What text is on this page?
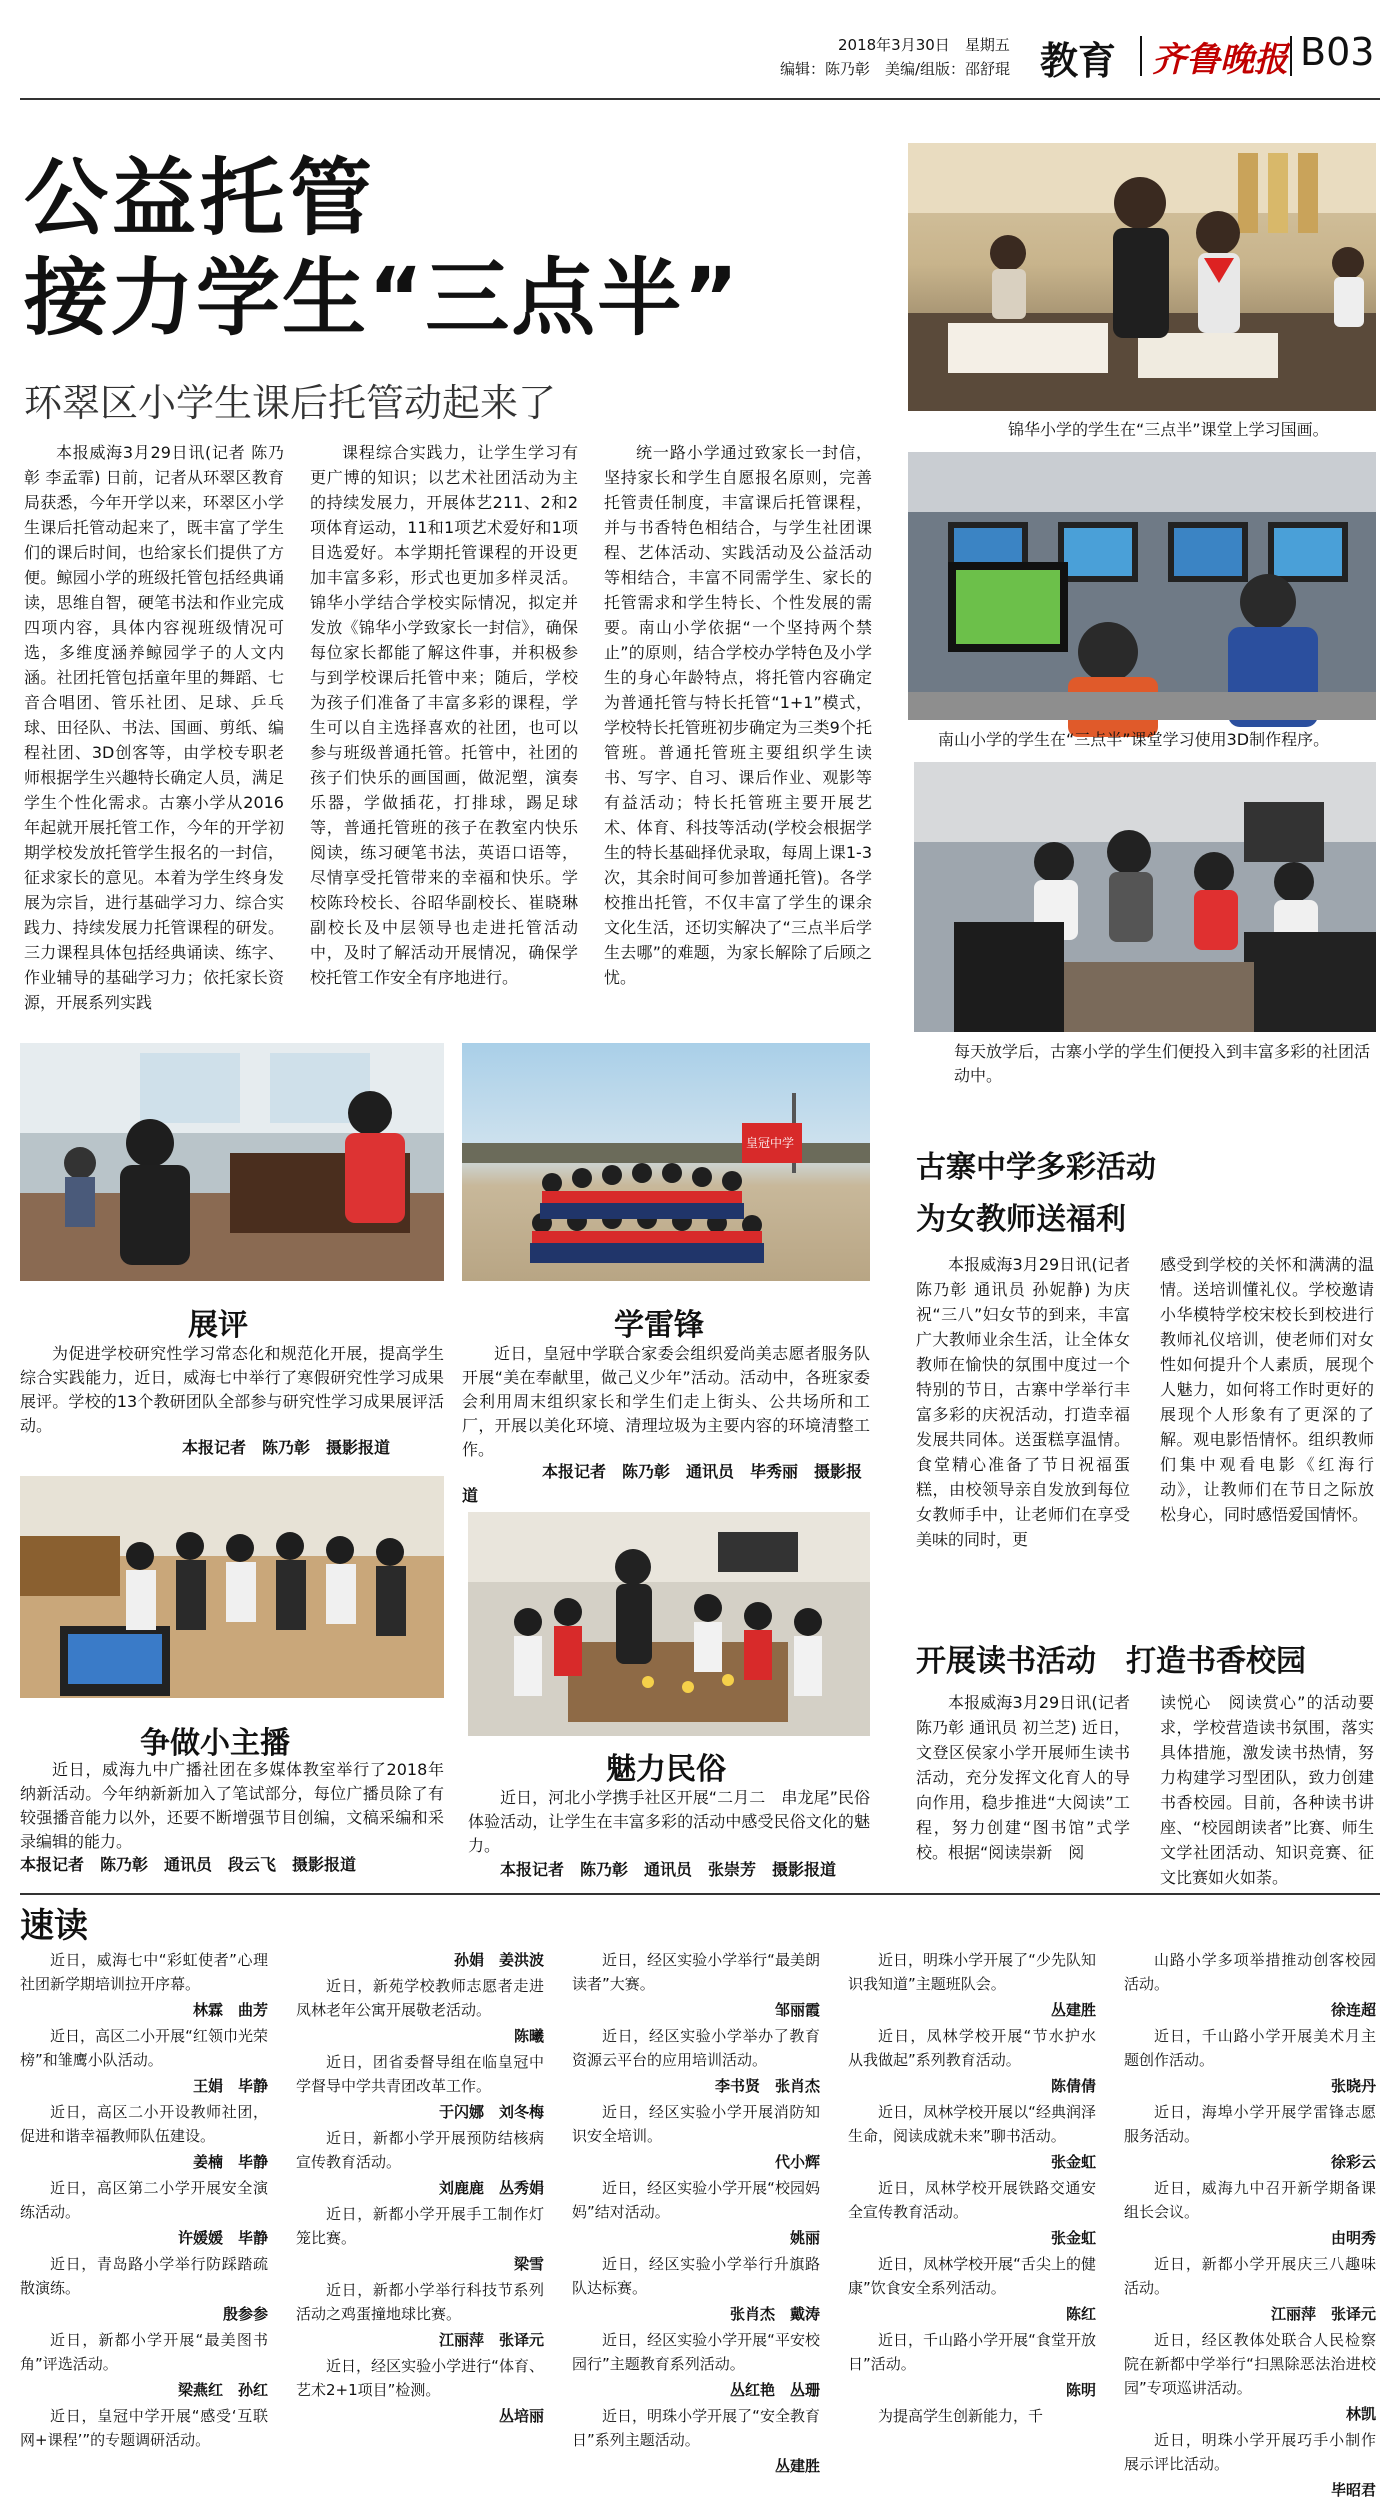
2018年3月30日　 星期五
编辑：陈乃彰　美编/组版：邵舒琨 教育 齐鲁晚报 B03
公益托管
接力学生“三点半”
环翠区小学生课后托管动起来了
本报威海3月29日讯(记者 陈乃彰 李孟霏) 日前，记者从环翠区教育局获悉，今年开学以来，环翠区小学生课后托管动起来了，既丰富了学生们的课后时间，也给家长们提供了方便。鲸园小学的班级托管包括经典诵读，思维自智，硬笔书法和作业完成四项内容，具体内容视班级情况可选，多维度涵养鲸园学子的人文内涵。社团托管包括童年里的舞蹈、七音合唱团、管乐社团、足球、乒乓球、田径队、书法、国画、剪纸、编程社团、3D创客等，由学校专职老师根据学生兴趣特长确定人员，满足学生个性化需求。古寨小学从2016年起就开展托管工作，今年的开学初期学校发放托管学生报名的一封信，征求家长的意见。本着为学生终身发展为宗旨，进行基础学习力、综合实践力、持续发展力托管课程的研发。三力课程具体包括经典诵读、练字、作业辅导的基础学习力；依托家长资源，开展系列实践
课程综合实践力，让学生学习有更广博的知识；以艺术社团活动为主的持续发展力，开展体艺211、2和2项体育运动，11和1项艺术爱好和1项目选爱好。本学期托管课程的开设更加丰富多彩，形式也更加多样灵活。锦华小学结合学校实际情况，拟定并发放《锦华小学致家长一封信》，确保每位家长都能了解这件事，并积极参与到学校课后托管中来；随后，学校为孩子们准备了丰富多彩的课程，学生可以自主选择喜欢的社团，也可以参与班级普通托管。托管中，社团的孩子们快乐的画国画，做泥塑，演奏乐器，学做插花，打排球，踢足球等，普通托管班的孩子在教室内快乐阅读，练习硬笔书法，英语口语等，尽情享受托管带来的幸福和快乐。学校陈玲校长、谷昭华副校长、崔晓琳副校长及中层领导也走进托管活动中，及时了解活动开展情况，确保学校托管工作安全有序地进行。
统一路小学通过致家长一封信，坚持家长和学生自愿报名原则，完善托管责任制度，丰富课后托管课程，并与书香特色相结合，与学生社团课程、艺体活动、实践活动及公益活动等相结合，丰富不同需学生、家长的托管需求和学生特长、个性发展的需要。南山小学依据“一个坚持两个禁止”的原则，结合学校办学特色及小学生的身心年龄特点，将托管内容确定为普通托管与特长托管“1+1”模式，学校特长托管班初步确定为三类9个托管班。普通托管班主要组织学生读书、写字、自习、课后作业、观影等有益活动；特长托管班主要开展艺术、体育、科技等活动(学校会根据学生的特长基础择优录取，每周上课1-3次，其余时间可参加普通托管)。各学校推出托管，不仅丰富了学生的课余文化生活，还切实解决了“三点半后学生去哪”的难题，为家长解除了后顾之忧。
锦华小学的学生在“三点半”课堂上学习国画。
南山小学的学生在“三点半”课堂学习使用3D制作程序。
每天放学后，古寨小学的学生们便投入到丰富多彩的社团活动中。
展评
为促进学校研究性学习常态化和规范化开展，提高学生综合实践能力，近日，威海七中举行了寒假研究性学习成果展评。学校的13个教研团队全部参与研究性学习成果展评活动。
本报记者　陈乃彰　摄影报道
皇冠中学
学雷锋
近日，皇冠中学联合家委会组织爱尚美志愿者服务队开展“美在奉献里，做己义少年”活动。活动中，各班家委会利用周末组织家长和学生们走上街头、公共场所和工厂，开展以美化环境、清理垃圾为主要内容的环境清整工作。
本报记者　陈乃彰　通讯员　毕秀丽　摄影报道
争做小主播
近日，威海九中广播社团在多媒体教室举行了2018年纳新活动。今年纳新新加入了笔试部分，每位广播员除了有较强播音能力以外，还要不断增强节目创编，文稿采编和采录编辑的能力。
本报记者　陈乃彰　通讯员　段云飞　摄影报道
魅力民俗
近日，河北小学携手社区开展“二月二　串龙尾”民俗体验活动，让学生在丰富多彩的活动中感受民俗文化的魅力。
本报记者　陈乃彰　通讯员　张崇芳　摄影报道
古寨中学多彩活动
为女教师送福利
本报威海3月29日讯(记者 陈乃彰 通讯员 孙妮静) 为庆祝“三八”妇女节的到来，丰富广大教师业余生活，让全体女教师在愉快的氛围中度过一个特别的节日，古寨中学举行丰富多彩的庆祝活动，打造幸福发展共同体。送蛋糕享温情。食堂精心准备了节日祝福蛋糕，由校领导亲自发放到每位女教师手中，让老师们在享受美味的同时，更
感受到学校的关怀和满满的温情。送培训懂礼仪。学校邀请小华模特学校宋校长到校进行教师礼仪培训，使老师们对女性如何提升个人素质，展现个人魅力，如何将工作时更好的展现个人形象有了更深的了解。观电影悟情怀。组织教师们集中观看电影《红海行动》，让教师们在节日之际放松身心，同时感悟爱国情怀。
开展读书活动　打造书香校园
本报威海3月29日讯(记者 陈乃彰 通讯员 初兰芝) 近日，文登区侯家小学开展师生读书活动，充分发挥文化育人的导向作用，稳步推进“大阅读”工程，努力创建“图书馆”式学校。根据“阅读崇新　阅
读悦心　阅读赏心”的活动要求，学校营造读书氛围，落实具体措施，激发读书热情，努力构建学习型团队，致力创建书香校园。目前，各种读书讲座、“校园朗读者”比赛、师生文学社团活动、知识竞赛、征文比赛如火如荼。
速读

近日，威海七中“彩虹使者”心理社团新学期培训拉开序幕。

林霖　曲芳

近日，高区二小开展“红领巾光荣榜”和雏鹰小队活动。

王娟　毕静

近日，高区二小开设教师社团，促进和谐幸福教师队伍建设。

姜楠　毕静

近日，高区第二小学开展安全演练活动。

许媛媛　毕静

近日，青岛路小学举行防踩踏疏散演练。

殷参参

近日，新都小学开展“最美图书角”评选活动。

梁燕红　孙红

近日，皇冠中学开展“感受‘互联网+课程’”的专题调研活动。

孙娟　姜洪波

近日，新苑学校教师志愿者走进凤林老年公寓开展敬老活动。

陈曦

近日，团省委督导组在临皇冠中学督导中学共青团改革工作。

于闪娜　刘冬梅

近日，新都小学开展预防结核病宣传教育活动。

刘鹿鹿　丛秀娟

近日，新都小学开展手工制作灯笼比赛。

梁雪

近日，新都小学举行科技节系列活动之鸡蛋撞地球比赛。

江丽萍　张译元

近日，经区实验小学进行“体育、艺术2+1项目”检测。

丛培丽

近日，经区实验小学举行“最美朗读者”大赛。

邹丽霞

近日，经区实验小学举办了教育资源云平台的应用培训活动。

李书贤　张肖杰

近日，经区实验小学开展消防知识安全培训。

代小辉

近日，经区实验小学开展“校园妈妈”结对活动。

姚丽

近日，经区实验小学举行升旗路队达标赛。

张肖杰　戴涛

近日，经区实验小学开展“平安校园行”主题教育系列活动。

丛红艳　丛珊

近日，明珠小学开展了“安全教育日”系列主题活动。

丛建胜

近日，明珠小学开展了“少先队知识我知道”主题班队会。

丛建胜

近日，凤林学校开展“节水护水　从我做起”系列教育活动。

陈倩倩

近日，凤林学校开展以“经典润泽生命，阅读成就未来”聊书活动。

张金虹

近日，凤林学校开展铁路交通安全宣传教育活动。

张金虹

近日，凤林学校开展“舌尖上的健康”饮食安全系列活动。

陈红

近日，千山路小学开展“食堂开放日”活动。

陈明

为提高学生创新能力，千

山路小学多项举措推动创客校园活动。

徐连超

近日，千山路小学开展美术月主题创作活动。

张晓丹

近日，海埠小学开展学雷锋志愿服务活动。

徐彩云

近日，威海九中召开新学期备课组长会议。

由明秀

近日，新都小学开展庆三八趣味活动。

江丽萍　张译元

近日，经区教体处联合人民检察院在新都中学举行“扫黑除恶法治进校园”专项巡讲活动。

林凯

近日，明珠小学开展巧手小制作展示评比活动。

毕昭君
